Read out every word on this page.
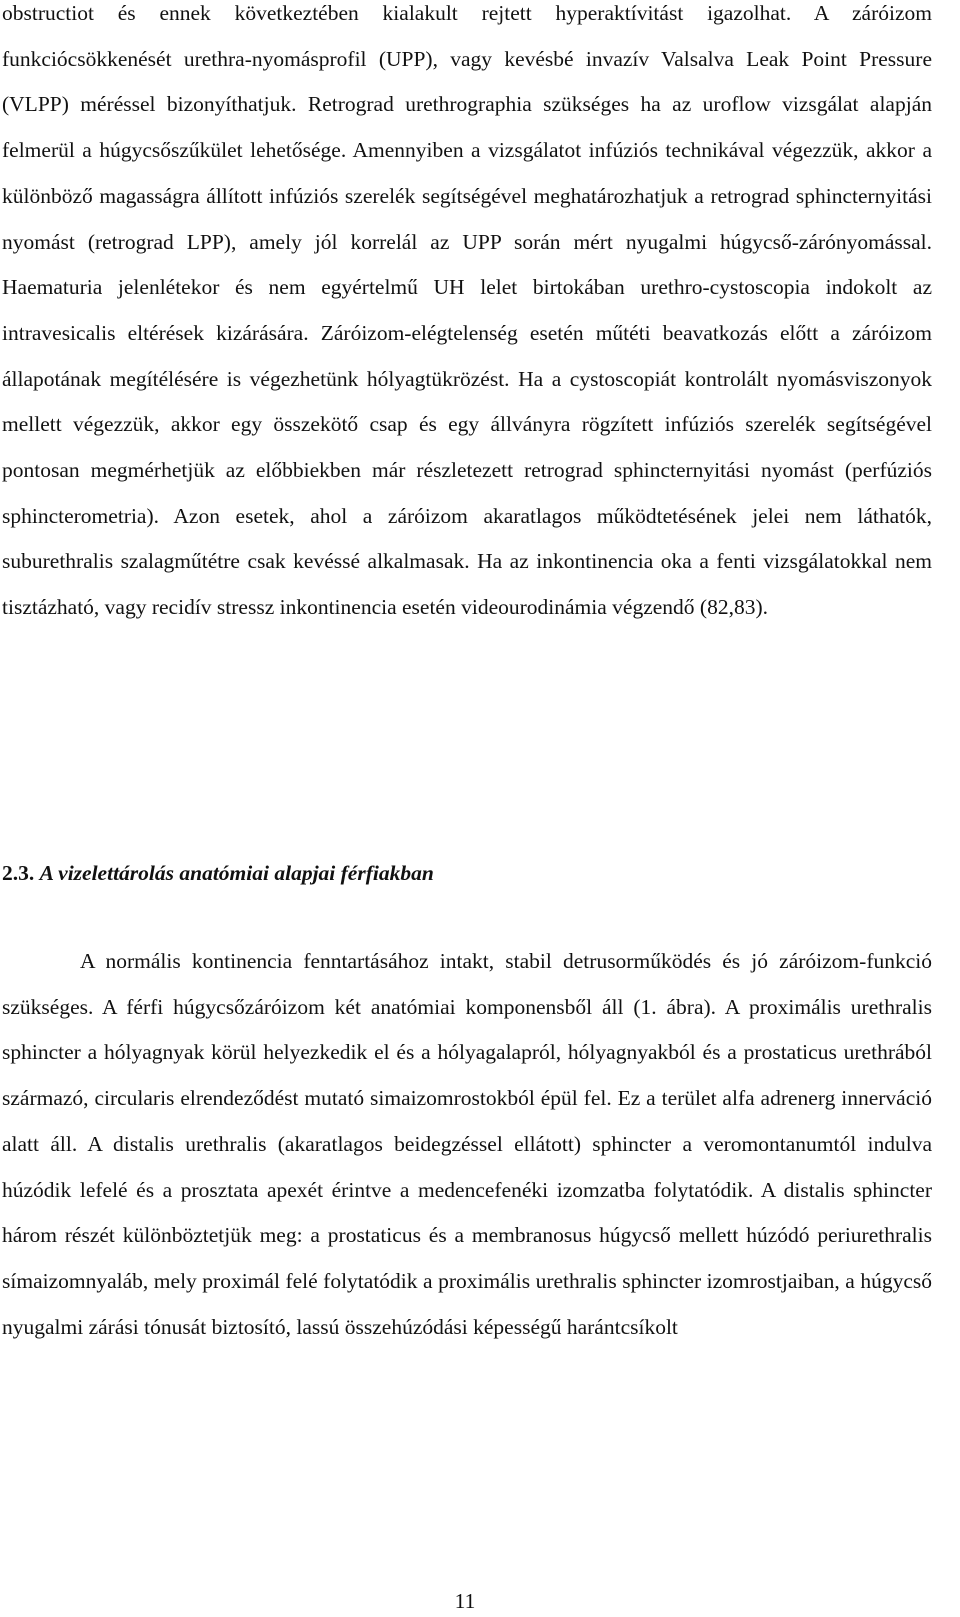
obstructiot és ennek következtében kialakult rejtett hyperaktívitást igazolhat. A záróizom funkciócsökkenését urethra-nyomásprofil (UPP), vagy kevésbé invazív Valsalva Leak Point Pressure (VLPP) méréssel bizonyíthatjuk. Retrograd urethrographia szükséges ha az uroflow vizsgálat alapján felmerül a húgycsőszűkület lehetősége. Amennyiben a vizsgálatot infúziós technikával végezzük, akkor a különböző magasságra állított infúziós szerelék segítségével meghatározhatjuk a retrograd sphincternyitási nyomást (retrograd LPP), amely jól korrelál az UPP során mért nyugalmi húgycső-zárónyomással. Haematuria jelenlétekor és nem egyértelmű UH lelet birtokában urethro-cystoscopia indokolt az intravesicalis eltérések kizárására. Záróizom-elégtelenség esetén műtéti beavatkozás előtt a záróizom állapotának megítélésére is végezhetünk hólyagtükrözést. Ha a cystoscopiát kontrolált nyomásviszonyok mellett végezzük, akkor egy összekötő csap és egy állványra rögzített infúziós szerelék segítségével pontosan megmérhetjük az előbbiekben már részletezett retrograd sphincternyitási nyomást (perfúziós sphincterometria). Azon esetek, ahol a záróizom akaratlagos működtetésének jelei nem láthatók, suburethralis szalagműtétre csak kevéssé alkalmasak. Ha az inkontinencia oka a fenti vizsgálatokkal nem tisztázható, vagy recidív stressz inkontinencia esetén videourodinámia végzendő (82,83).

2.3. A vizelettárolás anatómiai alapjai férfiakban

A normális kontinencia fenntartásához intakt, stabil detrusorműködés és jó záróizom-funkció szükséges. A férfi húgycsőzáróizom két anatómiai komponensből áll (1. ábra). A proximális urethralis sphincter a hólyagnyak körül helyezkedik el és a hólyagalapról, hólyagnyakból és a prostaticus urethrából származó, circularis elrendeződést mutató simaizomrostokból épül fel. Ez a terület alfa adrenerg innerváció alatt áll. A distalis urethralis (akaratlagos beidegzéssel ellátott) sphincter a veromontanumtól indulva húzódik lefelé és a prosztata apexét érintve a medencefenéki izomzatba folytatódik. A distalis sphincter három részét különböztetjük meg: a prostaticus és a membranosus húgycső mellett húzódó periurethralis símaizomnyaláb, mely proximál felé folytatódik a proximális urethralis sphincter izomrostjaiban, a húgycső nyugalmi zárási tónusát biztosító, lassú összehúzódási képességű harántcsíkolt

11
